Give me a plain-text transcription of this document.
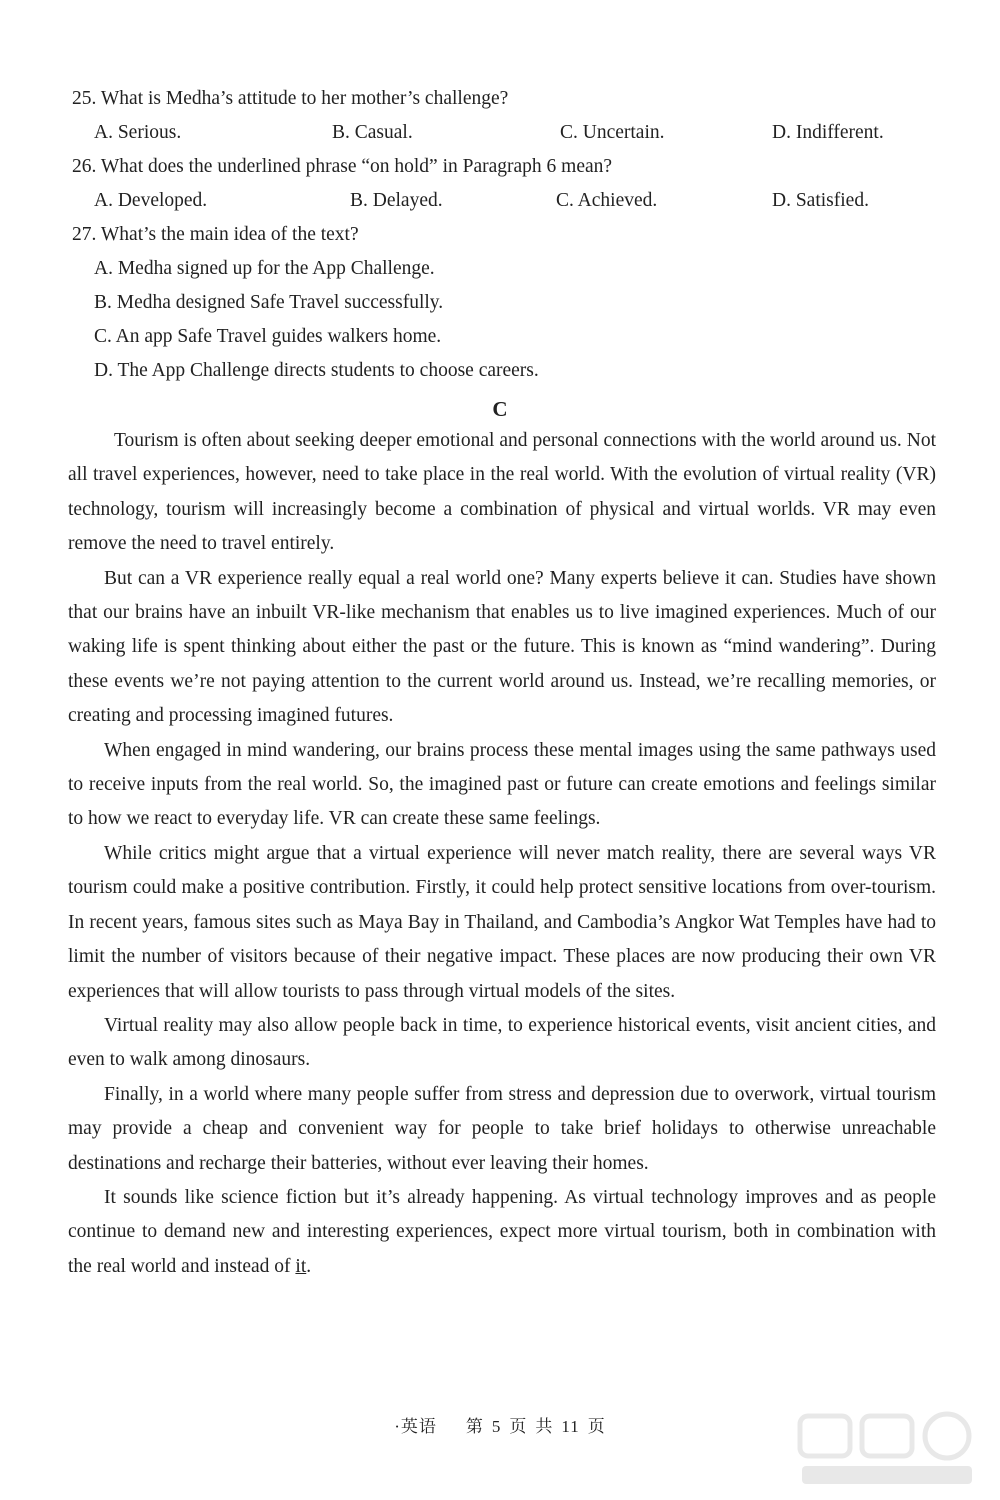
25. What is Medha’s attitude to her mother’s challenge?
A. Serious.	B. Casual.	C. Uncertain.	D. Indifferent.
26. What does the underlined phrase “on hold” in Paragraph 6 mean?
A. Developed.	B. Delayed.	C. Achieved.	D. Satisfied.
27. What’s the main idea of the text?
A. Medha signed up for the App Challenge.
B. Medha designed Safe Travel successfully.
C. An app Safe Travel guides walkers home.
D. The App Challenge directs students to choose careers.
C

Tourism is often about seeking deeper emotional and personal connections with the world around us. Not all travel experiences, however, need to take place in the real world. With the evolution of virtual reality (VR) technology, tourism will increasingly become a combination of physical and virtual worlds. VR may even remove the need to travel entirely.

But can a VR experience really equal a real world one? Many experts believe it can. Studies have shown that our brains have an inbuilt VR-like mechanism that enables us to live imagined experiences. Much of our waking life is spent thinking about either the past or the future. This is known as “mind wandering”. During these events we’re not paying attention to the current world around us. Instead, we’re recalling memories, or creating and processing imagined futures.

When engaged in mind wandering, our brains process these mental images using the same pathways used to receive inputs from the real world. So, the imagined past or future can create emotions and feelings similar to how we react to everyday life. VR can create these same feelings.

While critics might argue that a virtual experience will never match reality, there are several ways VR tourism could make a positive contribution. Firstly, it could help protect sensitive locations from over-tourism. In recent years, famous sites such as Maya Bay in Thailand, and Cambodia’s Angkor Wat Temples have had to limit the number of visitors because of their negative impact. These places are now producing their own VR experiences that will allow tourists to pass through virtual models of the sites.

Virtual reality may also allow people back in time, to experience historical events, visit ancient cities, and even to walk among dinosaurs.

Finally, in a world where many people suffer from stress and depression due to overwork, virtual tourism may provide a cheap and convenient way for people to take brief holidays to otherwise unreachable destinations and recharge their batteries, without ever leaving their homes.

It sounds like science fiction but it’s already happening. As virtual technology improves and as people continue to demand new and interesting experiences, expect more virtual tourism, both in combination with the real world and instead of it.

·英语 第 5 页 共 11 页
